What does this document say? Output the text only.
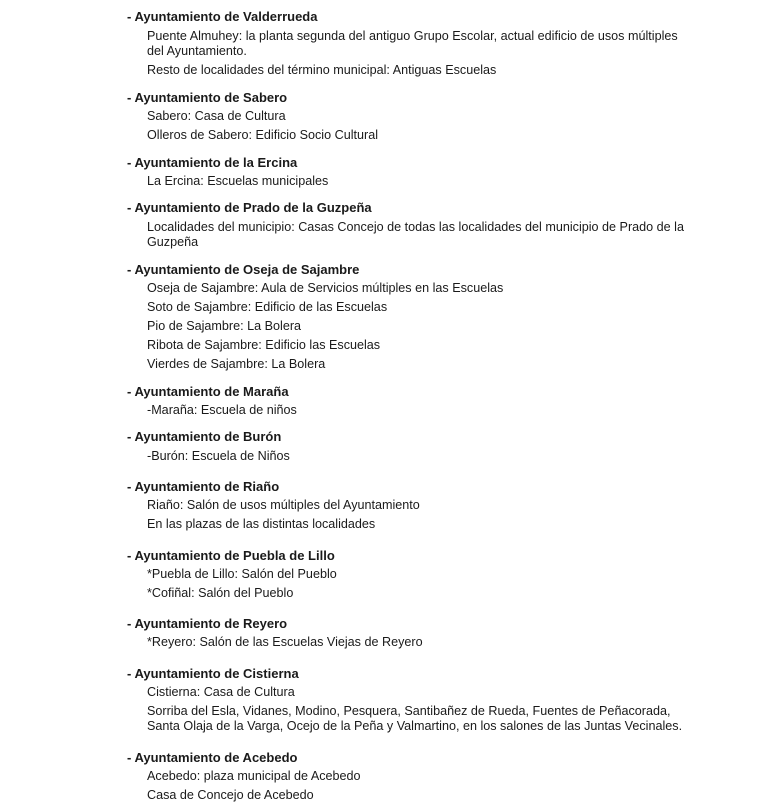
- Ayuntamiento de Valderrueda
Puente Almuhey: la planta segunda del antiguo Grupo Escolar, actual edificio de usos múltiples del Ayuntamiento.
Resto de localidades del término municipal: Antiguas Escuelas
- Ayuntamiento de Sabero
Sabero: Casa de Cultura
Olleros de Sabero: Edificio Socio Cultural
- Ayuntamiento de la Ercina
La Ercina: Escuelas municipales
- Ayuntamiento de Prado de la Guzpeña
Localidades del municipio: Casas Concejo de todas las localidades del municipio de Prado de la Guzpeña
- Ayuntamiento de Oseja de Sajambre
Oseja de Sajambre: Aula de Servicios múltiples en las Escuelas
Soto de Sajambre: Edificio de las Escuelas
Pio de Sajambre: La Bolera
Ribota de Sajambre: Edificio las Escuelas
Vierdes de Sajambre: La Bolera
- Ayuntamiento de Maraña
-Maraña: Escuela de niños
- Ayuntamiento de Burón
-Burón: Escuela de Niños
- Ayuntamiento de Riaño
Riaño: Salón de usos múltiples del Ayuntamiento
En las plazas de las distintas localidades
- Ayuntamiento de Puebla de Lillo
*Puebla de Lillo: Salón del Pueblo
*Cofiñal: Salón del Pueblo
- Ayuntamiento de Reyero
*Reyero: Salón de las Escuelas Viejas de Reyero
- Ayuntamiento de Cistierna
Cistierna: Casa de Cultura
Sorriba del Esla, Vidanes, Modino, Pesquera, Santibañez de Rueda, Fuentes de Peñacorada, Santa Olaja de la Varga, Ocejo de la Peña y Valmartino, en los salones de las Juntas Vecinales.
- Ayuntamiento de Acebedo
Acebedo: plaza municipal de Acebedo
Casa de Concejo de Acebedo
